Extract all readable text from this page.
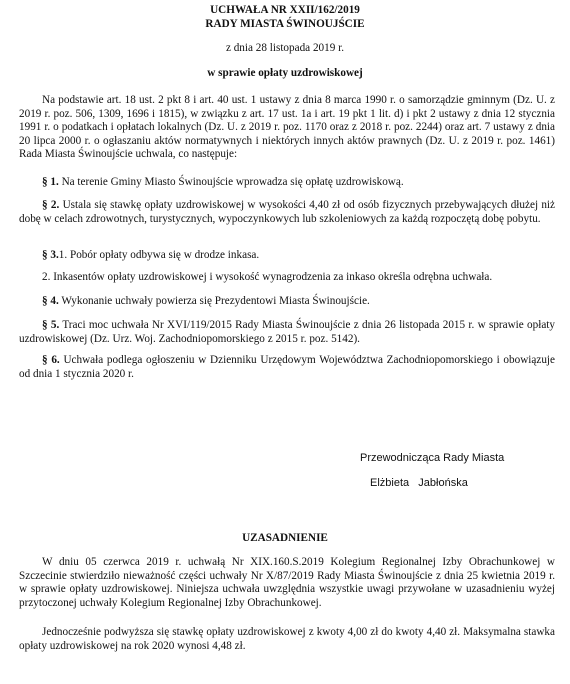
UCHWAŁA NR XXII/162/2019
RADY MIASTA ŚWINOUJŚCIE
z dnia 28 listopada 2019 r.
w sprawie opłaty uzdrowiskowej
Na podstawie art. 18 ust. 2 pkt 8 i art. 40 ust. 1 ustawy z dnia 8 marca 1990 r. o samorządzie gminnym (Dz. U. z 2019 r. poz. 506, 1309, 1696 i 1815), w związku z art. 17 ust. 1a i art. 19 pkt 1 lit. d) i pkt 2 ustawy z dnia 12 stycznia 1991 r. o podatkach i opłatach lokalnych (Dz. U. z 2019 r. poz. 1170 oraz z 2018 r. poz. 2244) oraz art. 7 ustawy z dnia 20 lipca 2000 r. o ogłaszaniu aktów normatywnych i niektórych innych aktów prawnych (Dz. U. z 2019 r. poz. 1461) Rada Miasta Świnoujście uchwala, co następuje:
§ 1. Na terenie Gminy Miasto Świnoujście wprowadza się opłatę uzdrowiskową.
§ 2. Ustala się stawkę opłaty uzdrowiskowej w wysokości 4,40 zł od osób fizycznych przebywających dłużej niż dobę w celach zdrowotnych, turystycznych, wypoczynkowych lub szkoleniowych za każdą rozpoczętą dobę pobytu.
§ 3.1. Pobór opłaty odbywa się w drodze inkasa.
2. Inkasentów opłaty uzdrowiskowej i wysokość wynagrodzenia za inkaso określa odrębna uchwała.
§ 4. Wykonanie uchwały powierza się Prezydentowi Miasta Świnoujście.
§ 5. Traci moc uchwała Nr XVI/119/2015 Rady Miasta Świnoujście z dnia 26 listopada 2015 r. w sprawie opłaty uzdrowiskowej (Dz. Urz. Woj. Zachodniopomorskiego z 2015 r. poz. 5142).
§ 6. Uchwała podlega ogłoszeniu w Dzienniku Urzędowym Województwa Zachodniopomorskiego i obowiązuje od dnia 1 stycznia 2020 r.
Przewodnicząca Rady Miasta
Elżbieta   Jabłońska
UZASADNIENIE
W dniu 05 czerwca 2019 r. uchwałą Nr XIX.160.S.2019 Kolegium Regionalnej Izby Obrachunkowej w Szczecinie stwierdziło nieważność części uchwały Nr X/87/2019 Rady Miasta Świnoujście z dnia 25 kwietnia 2019 r. w sprawie opłaty uzdrowiskowej. Niniejsza uchwała uwzględnia wszystkie uwagi przywołane w uzasadnieniu wyżej przytoczonej uchwały Kolegium Regionalnej Izby Obrachunkowej.
Jednocześnie podwyższa się stawkę opłaty uzdrowiskowej z kwoty 4,00 zł do kwoty 4,40 zł. Maksymalna stawka opłaty uzdrowiskowej na rok 2020 wynosi 4,48 zł.
